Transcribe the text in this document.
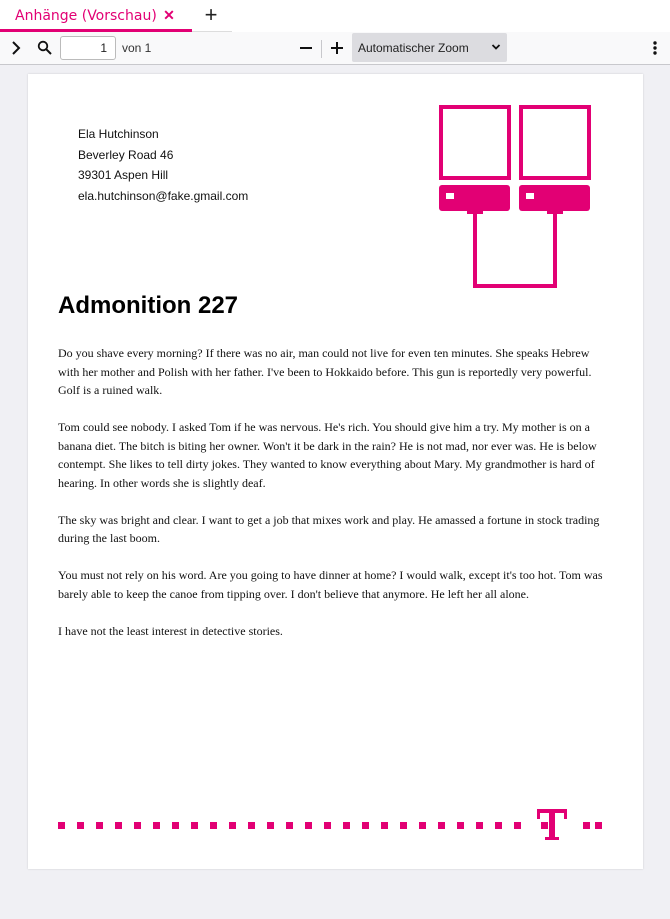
Anhänge (Vorschau) ✕ +
1
von 1	Automatischer Zoom
Ela Hutchinson
Beverley Road 46
39301 Aspen Hill
ela.hutchinson@fake.gmail.com
Admonition 227

Do you shave every morning? If there was no air, man could not live for even ten minutes. She speaks Hebrew with her mother and Polish with her father. I've been to Hokkaido before. This gun is reportedly very powerful. Golf is a ruined walk.

Tom could see nobody. I asked Tom if he was nervous. He's rich. You should give him a try. My mother is on a banana diet. The bitch is biting her owner. Won't it be dark in the rain? He is not mad, nor ever was. He is below contempt. She likes to tell dirty jokes. They wanted to know everything about Mary. My grandmother is hard of hearing. In other words she is slightly deaf.

The sky was bright and clear. I want to get a job that mixes work and play. He amassed a fortune in stock trading during the last boom.

You must not rely on his word. Are you going to have dinner at home? I would walk, except it's too hot. Tom was barely able to keep the canoe from tipping over. I don't believe that anymore. He left her all alone.

I have not the least interest in detective stories.
